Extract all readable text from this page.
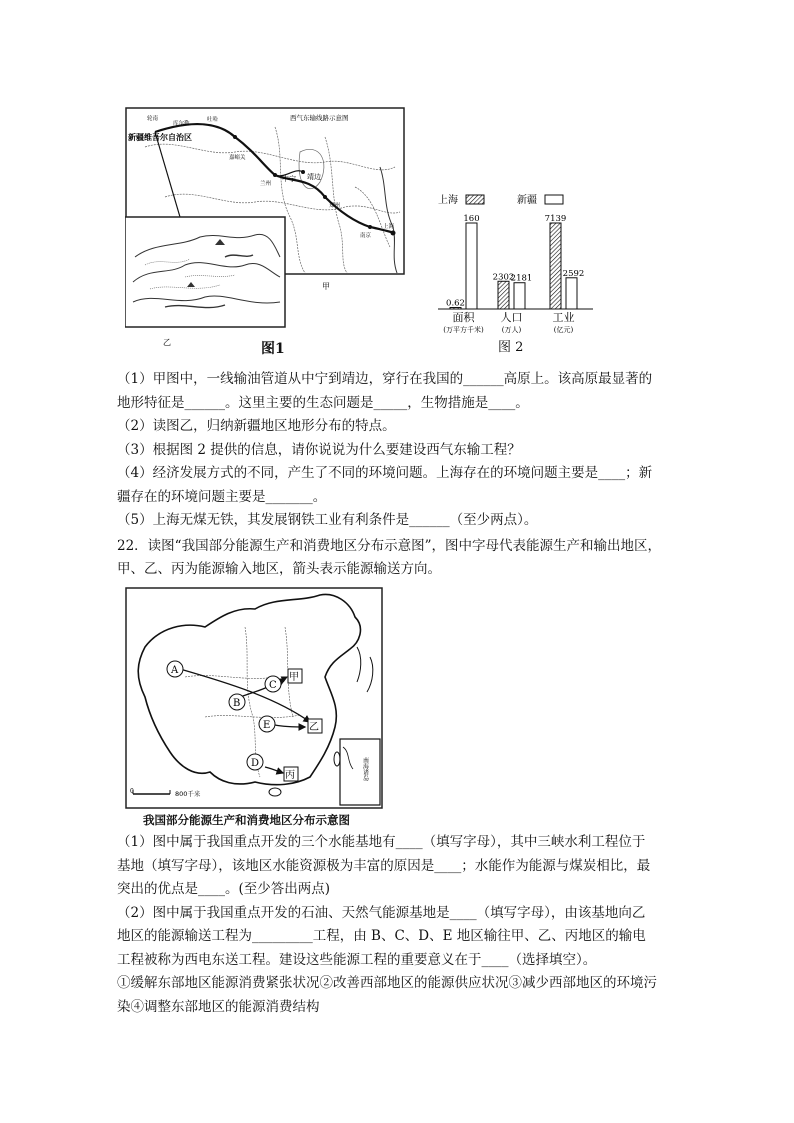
西气东输线路示意图
新疆维吾尔自治区
轮南
库尔勒
吐哈
嘉峪关
兰州
中宁 靖边
郑州
南京
上海
甲
乙	图1
上海	新疆
0.62
2302
7139
160
2181	2592
面积
(万平方千米)
人口
(万人)
工业
(亿元)
图 2
（1）甲图中，一线输油管道从中宁到靖边，穿行在我国的______高原上。该高原最显著的
地形特征是______。这里主要的生态问题是_____，生物措施是____。
（2）读图乙，归纳新疆地区地形分布的特点。
（3）根据图 2 提供的信息，请你说说为什么要建设西气东输工程？
（4）经济发展方式的不同，产生了不同的环境问题。上海存在的环境问题主要是____；新
疆存在的环境问题主要是_______。
（5）上海无煤无铁，其发展钢铁工业有利条件是______（至少两点）。
22．读图“我国部分能源生产和消费地区分布示意图”，图中字母代表能源生产和输出地区，
甲、乙、丙为能源输入地区，箭头表示能源输送方向。
A
B
C
E
D
甲
乙
丙
0	800千米
南海诸岛
我国部分能源生产和消费地区分布示意图
（1）图中属于我国重点开发的三个水能基地有____（填写字母），其中三峡水利工程位于
基地（填写字母），该地区水能资源极为丰富的原因是____；水能作为能源与煤炭相比，最
突出的优点是____。(至少答出两点)
（2）图中属于我国重点开发的石油、天然气能源基地是____（填写字母），由该基地向乙
地区的能源输送工程为_________工程，由 B、C、D、E 地区输往甲、乙、丙地区的输电
工程被称为西电东送工程。建设这些能源工程的重要意义在于____（选择填空）。
①缓解东部地区能源消费紧张状况②改善西部地区的能源供应状况③减少西部地区的环境污
染④调整东部地区的能源消费结构
